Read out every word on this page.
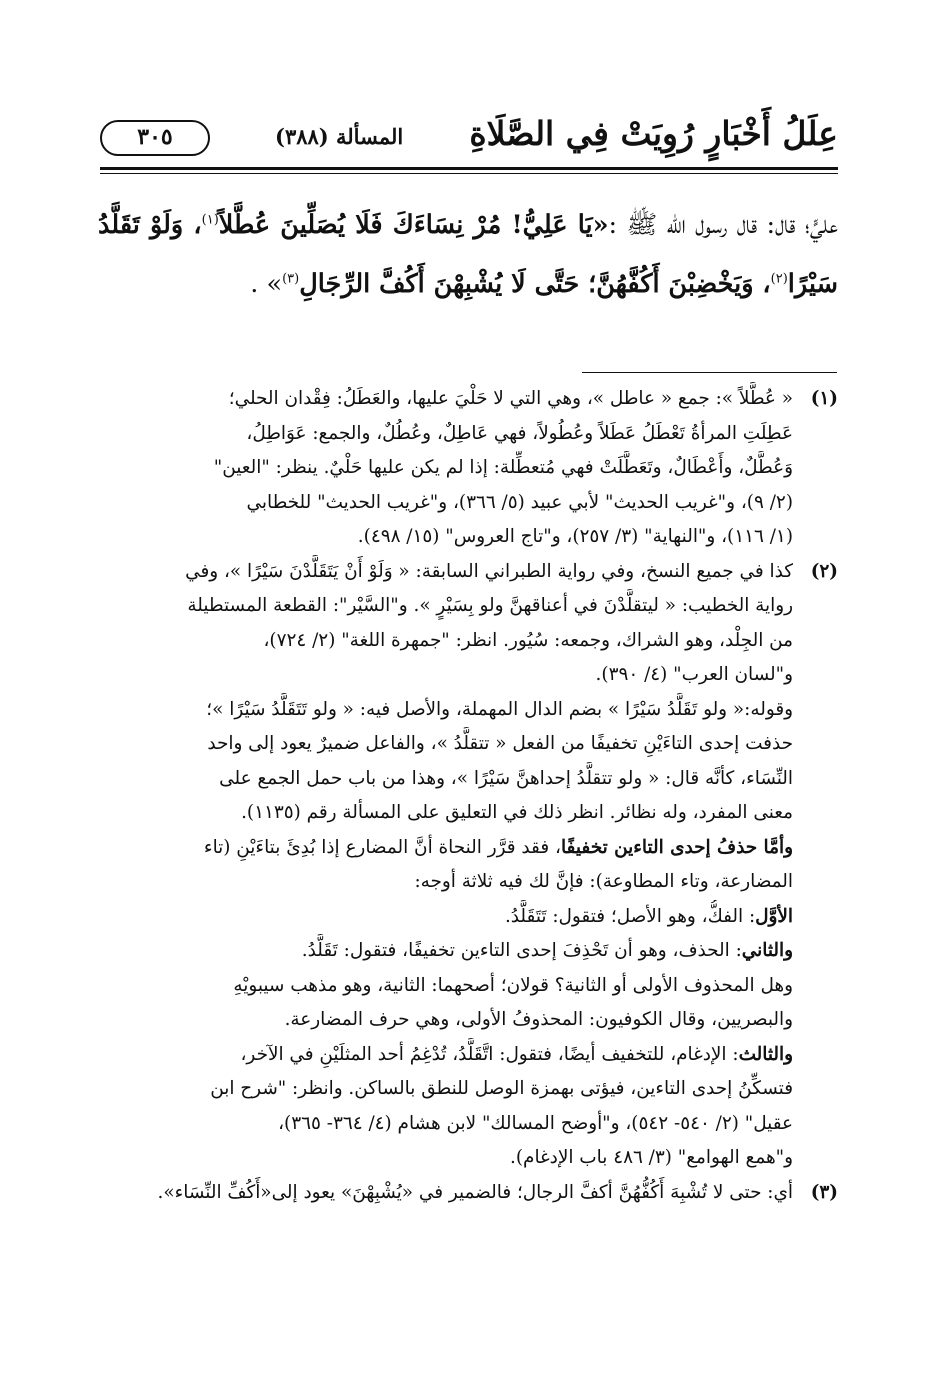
عِلَلُ أَخْبَارٍ رُوِيَتْ فِي الصَّلَاةِ
المسألة (٣٨٨)
٣٠٥
عليٍّ؛ قال: قال رسول الله ﷺ :«يَا عَلِيُّ! مُرْ نِسَاءَكَ فَلَا يُصَلِّينَ عُطَّلاً$^{(١)}$، وَلَوْ تَقَلَّدُ سَيْرًا$^{(٢)}$، وَيَخْضِبْنَ أَكُفَّهُنَّ؛ حَتَّى لَا يُشْبِهْنَ أَكُفَّ الرِّجَالِ$^{(٣)}$» .
(١)
« عُطَّلاً »: جمع « عاطل »، وهي التي لا حَلْيَ عليها، والعَطَلُ: فِقْدان الحلي؛
عَطِلَتِ المرأةُ تَعْطَلُ عَطَلاً وعُطُولاً، فهي عَاطِلٌ، وعُطُلٌ، والجمع: عَوَاطِلُ،
وَعُطَّلٌ، وأَعْطَالٌ، وتَعَطَّلَتْ فهي مُتعطِّلة: إذا لم يكن عليها حَلْيٌ. ينظر: "العين"
(٢/ ٩)، و"غريب الحديث" لأبي عبيد (٥/ ٣٦٦)، و"غريب الحديث" للخطابي
(١/ ١١٦)، و"النهاية" (٣/ ٢٥٧)، و"تاج العروس" (١٥/ ٤٩٨).
(٢)
كذا في جميع النسخ، وفي رواية الطبراني السابقة: « وَلَوْ أَنْ يَتَقَلَّدْنَ سَيْرًا »، وفي
رواية الخطيب: « ليتقلَّدْنَ في أعناقهنَّ ولو بِسَيْرٍ ». و"السَّيْر": القطعة المستطيلة
من الجِلْد، وهو الشراك، وجمعه: سُيُور. انظر: "جمهرة اللغة" (٢/ ٧٢٤)،
و"لسان العرب" (٤/ ٣٩٠).
وقوله:« ولو تَقَلَّدُ سَيْرًا » بضم الدال المهملة، والأصل فيه: « ولو تَتَقَلَّدُ سَيْرًا »؛
حذفت إحدى التاءَيْنِ تخفيفًا من الفعل « تتقلَّدُ »، والفاعل ضميرٌ يعود إلى واحد
النِّسَاء، كأنَّه قال: « ولو تتقلَّدُ إحداهنَّ سَيْرًا »، وهذا من باب حمل الجمع على
معنى المفرد، وله نظائر. انظر ذلك في التعليق على المسألة رقم (١١٣٥).
وأمَّا حذفُ إحدى التاءين تخفيفًا، فقد قرَّر النحاة أنَّ المضارع إذا بُدِئَ بتاءَيْنِ (تاء
المضارعة، وتاء المطاوعة): فإنَّ لك فيه ثلاثة أوجه:
الأوَّل: الفكُّ، وهو الأصل؛ فتقول: تَتَقَلَّدُ.
والثاني: الحذف، وهو أن تَحْذِفَ إحدى التاءين تخفيفًا، فتقول: تَقَلَّدُ.
وهل المحذوف الأولى أو الثانية؟ قولان؛ أصحهما: الثانية، وهو مذهب سيبويْهِ
والبصريين، وقال الكوفيون: المحذوفُ الأولى، وهي حرف المضارعة.
والثالث: الإدغام، للتخفيف أيضًا، فتقول: اتَّقَلَّدُ، تُدْغِمُ أحد المثلَيْنِ في الآخر،
فتسكِّنُ إحدى التاءين، فيؤتى بهمزة الوصل للنطق بالساكن. وانظر: "شرح ابن
عقيل" (٢/ ٥٤٠- ٥٤٢)، و"أوضح المسالك" لابن هشام (٤/ ٣٦٤- ٣٦٥)،
و"همع الهوامع" (٣/ ٤٨٦ باب الإدغام).
(٣)
أي: حتى لا تُشْبِهَ أَكُفُّهُنَّ أكفَّ الرجال؛ فالضمير في «يُشْبِهْنَ» يعود إلى«أَكُفِّ النِّسَاء».
